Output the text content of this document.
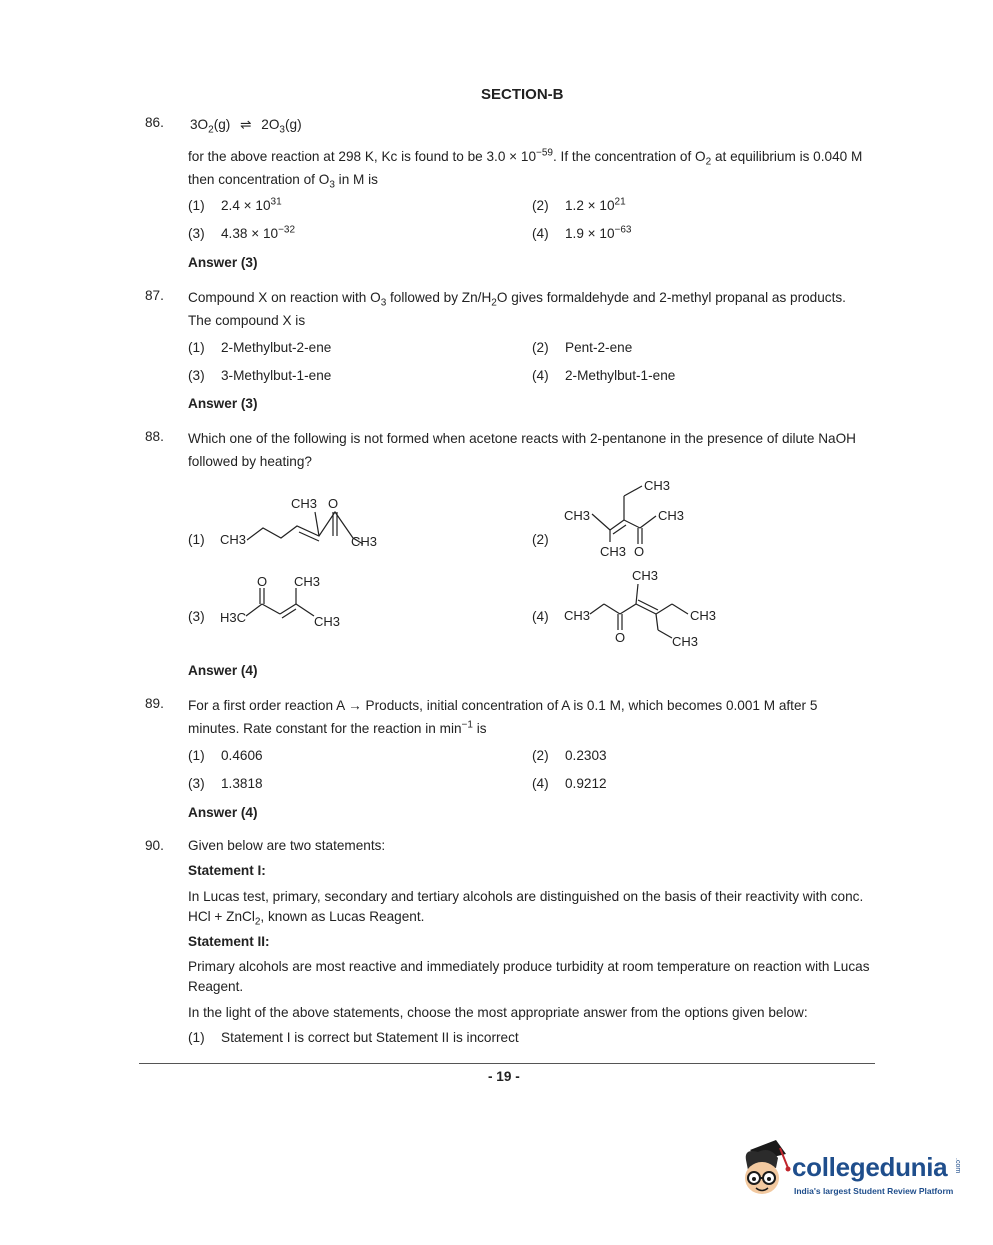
SECTION-B
86. $3O_2(g)$ ⇌ $2O_3(g)$
for the above reaction at 298 K, Kc is found to be $3.0 \times 10^{-59}$. If the concentration of $O_2$ at equilibrium is 0.040 M then concentration of $O_3$ in M is
(1) $2.4 \times 10^{31}$	(2) $1.2 \times 10^{21}$
(3) $4.38 \times 10^{-32}$	(4) $1.9 \times 10^{-63}$
Answer (3)
87. Compound X on reaction with $O_3$ followed by $Zn/H_2O$ gives formaldehyde and 2-methyl propanal as products. The compound X is
(1) 2-Methylbut-2-ene	(2) Pent-2-ene
(3) 3-Methylbut-1-ene	(4) 2-Methylbut-1-ene
Answer (3)
88. Which one of the following is not formed when acetone reacts with 2-pentanone in the presence of dilute NaOH followed by heating?
(1) CH3
CH3
CH3
O
(2)
CH3
CH3	CH3
CH3 O
(3) H3C
O CH3
CH3	(4) CH3
O
CH3
CH3
CH3
Answer (4)
89. For a first order reaction A → Products, initial concentration of A is 0.1 M, which becomes 0.001 M after 5 minutes. Rate constant for the reaction in $\min^{-1}$ is
(1) 0.4606	(2) 0.2303
(3) 1.3818	(4) 0.9212
Answer (4)
90. Given below are two statements:
Statement I:
In Lucas test, primary, secondary and tertiary alcohols are distinguished on the basis of their reactivity with conc. HCl + ZnCl$_2$, known as Lucas Reagent.
Statement II:
Primary alcohols are most reactive and immediately produce turbidity at room temperature on reaction with Lucas Reagent.
In the light of the above statements, choose the most appropriate answer from the options given below:
(1) Statement I is correct but Statement II is incorrect
- 19 -
collegedunia .com
India's largest Student Review Platform
